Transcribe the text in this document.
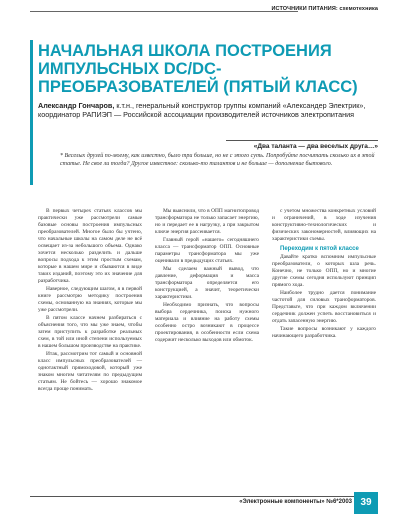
ИСТОЧНИКИ ПИТАНИЯ: схемотехника
НАЧАЛЬНАЯ ШКОЛА ПОСТРОЕНИЯ ИМПУЛЬСНЫХ DC/DC-ПРЕОБРАЗОВАТЕЛЕЙ (ПЯТЫЙ КЛАСС)
Александр Гончаров, к.т.н., генеральный конструктор группы компаний «Александер Электрик», координатор РАПИЭП — Российской ассоциации производителей источников электропитания
«Два таланта — два веселых друга…»
* Веселых друзей по-моему, как известно, было три больше, но не с этого суть. Попробуйте посчитать сколько их в этой статье. Не свое ли тогда? Другое известное: сколько-то талантов и не больше — дополнение бытового.

В первых четырех статьях классов мы практически уже рассмотрели самые базовые основы построения импульсных преобразователей. Многое было бы учтено, что начальные школы на самом деле не всё освещает из-за небольшого объема. Однако хочется несколько разделить и дальше вопросы подхода к этим простым схемам, которые в нашем мире и сбываются в виде таких изданий, поэтому это их значение для разработчика.

Наверное, следующим шагом, я в первой книге рассмотрю методику построения схемы, основанную на знаниях, которые мы уже рассмотрели.

В пятом классе начнем разбираться с объяснения того, что мы уже знаем, чтобы затем приступить к разработке реальных схем, в той или иной степени используемых в нашем большом производстве на практике.

Итак, рассмотрим тот самый и основной класс импульсных преобразователей — однотактный прямоходовой, который уже знаком многим читателям по предыдущим статьям. Не бойтесь — хорошо знакомое всегда проще понимать.

Мы выяснили, что в ОПП магнитопровод трансформатора не только запасает энергию, но и передает ее в нагрузку, а при закрытом ключе энергия рассеивается.

Главный герой «нашего» сегодняшнего класса — трансформатор ОПП. Основные параметры трансформатора мы уже оценивали в предыдущих статьях.

Мы сделаем важный вывод, что давление, деформация и масса трансформатора определяется его конструкцией, а значит, теоретически характеристики.

Необходимо признать, что вопросы выбора сердечника, поиска нужного материала и влияние на работу схемы особенно остро возникают в процессе проектирования, в особенности если схема содержит несколько выходов или обмоток.

с учетом множества конкретных условий и ограничений, в ходе изучения конструктивно-технологических и физических закономерностей, влияющих на характеристики схемы.

Переходим к пятой классе

Давайте кратко вспомним импульсные преобразователи, о которых шла речь. Конечно, не только ОПП, но и многие другие схемы сегодня используют принцип прямого хода.

Наиболее трудно дается понимание частотой для силовых трансформаторов. Представьте, что при каждом включении сердечник должен успеть восстановиться и отдать запасенную энергию.

Такие вопросы возникают у каждого начинающего разработчика.

«Электронные компоненты» №6*2003 39
